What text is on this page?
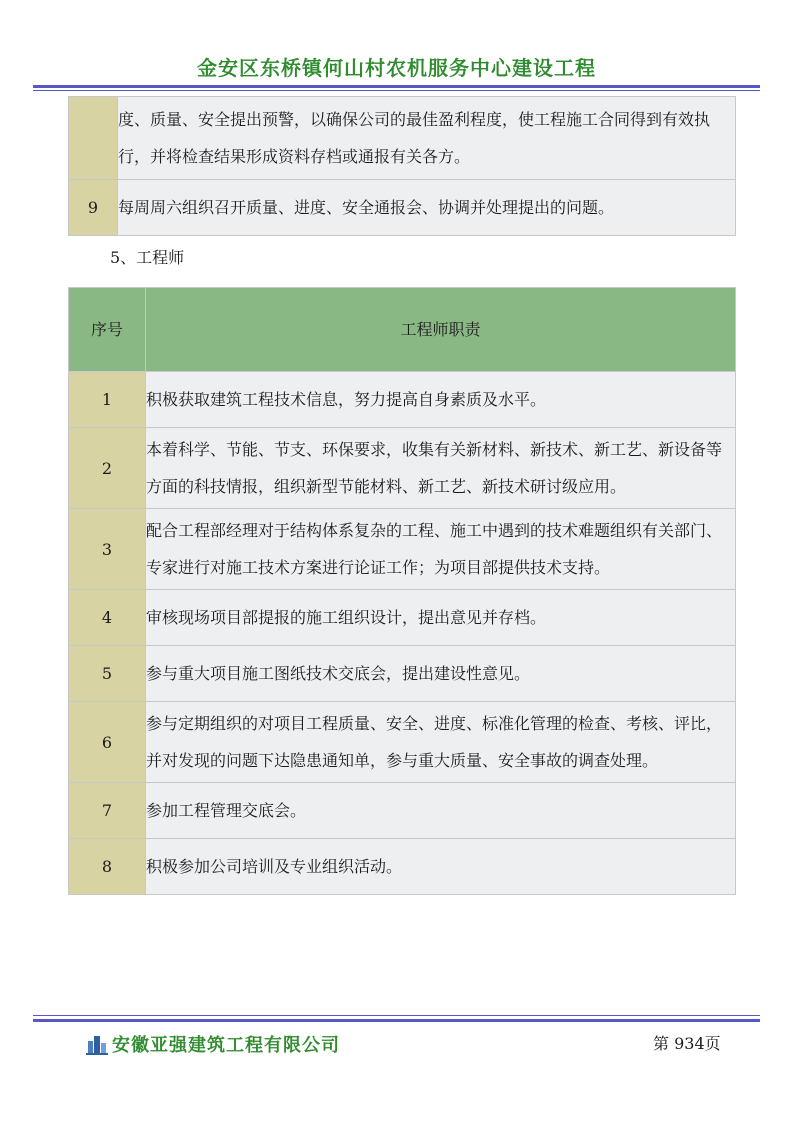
金安区东桥镇何山村农机服务中心建设工程
	度、质量、安全提出预警，以确保公司的最佳盈利程度，使工程施工合同得到有效执行，并将检查结果形成资料存档或通报有关各方。
9	每周周六组织召开质量、进度、安全通报会、协调并处理提出的问题。
5、工程师
序号	工程师职责
1	积极获取建筑工程技术信息，努力提高自身素质及水平。
2	本着科学、节能、节支、环保要求，收集有关新材料、新技术、新工艺、新设备等方面的科技情报，组织新型节能材料、新工艺、新技术研讨级应用。
3	配合工程部经理对于结构体系复杂的工程、施工中遇到的技术难题组织有关部门、专家进行对施工技术方案进行论证工作；为项目部提供技术支持。
4	审核现场项目部提报的施工组织设计，提出意见并存档。
5	参与重大项目施工图纸技术交底会，提出建设性意见。
6	参与定期组织的对项目工程质量、安全、进度、标准化管理的检查、考核、评比，并对发现的问题下达隐患通知单，参与重大质量、安全事故的调查处理。
7	参加工程管理交底会。
8	积极参加公司培训及专业组织活动。
安徽亚强建筑工程有限公司	第 934页
